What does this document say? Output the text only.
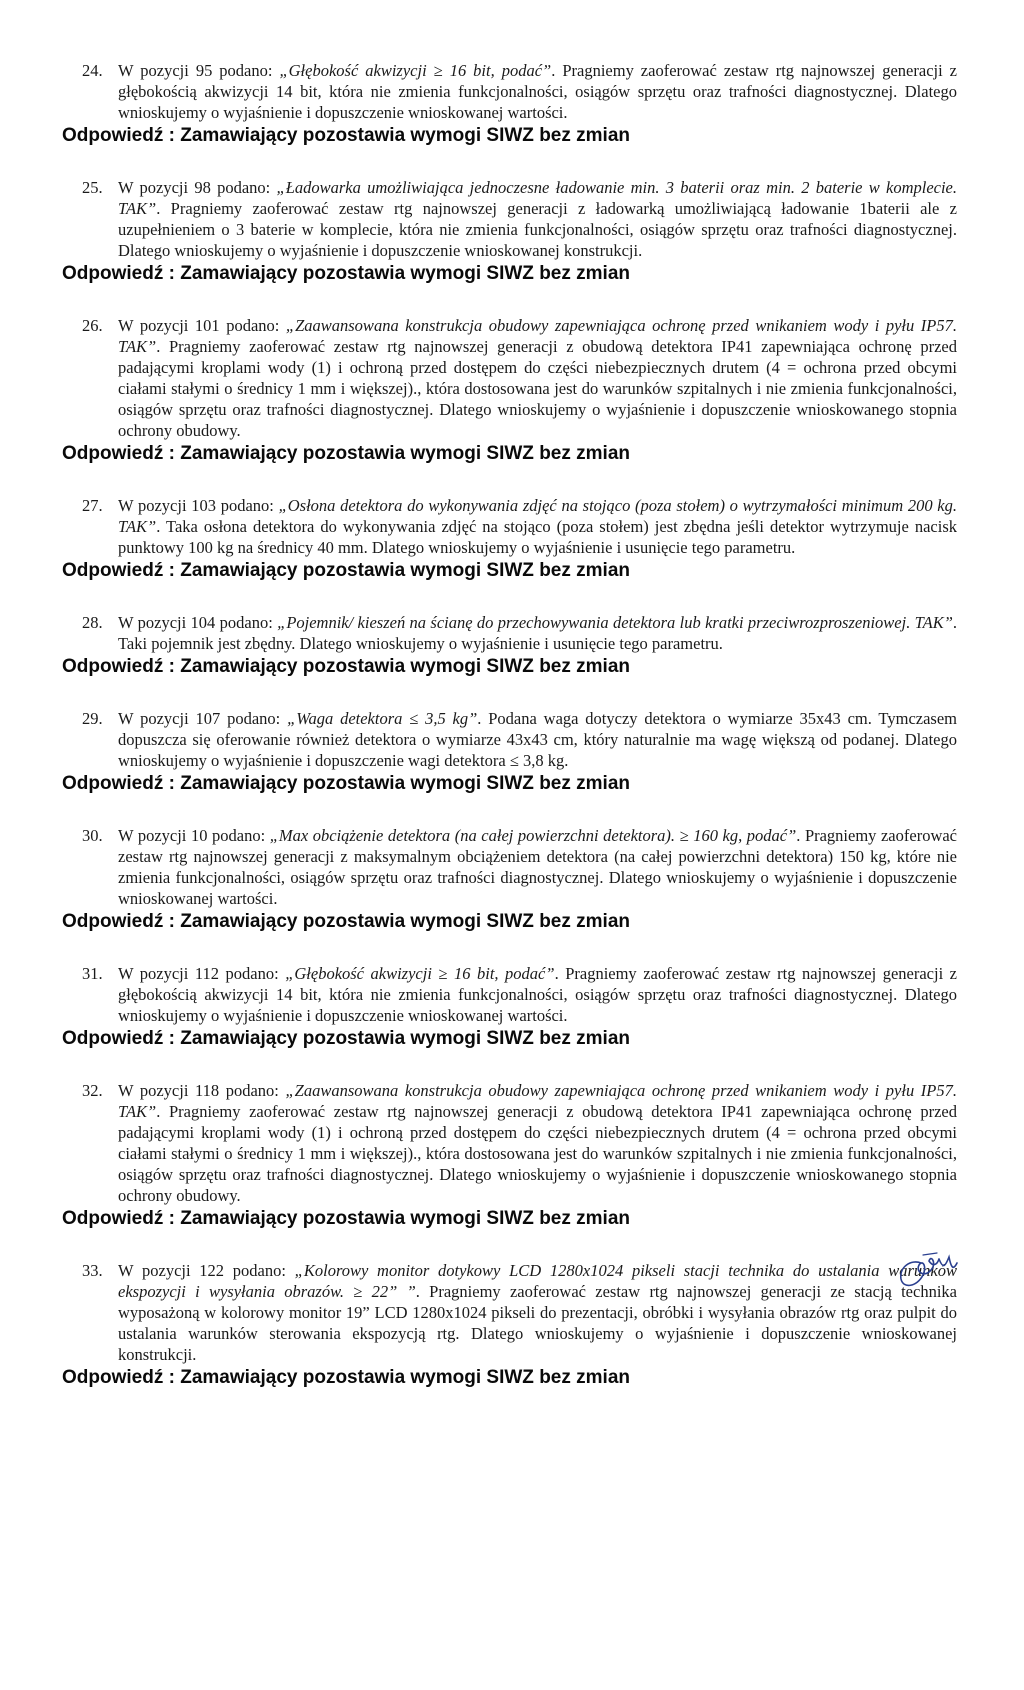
24. W pozycji 95 podano: „Głębokość akwizycji ≥ 16 bit, podać”. Pragniemy zaoferować zestaw rtg najnowszej generacji z głębokością akwizycji 14 bit, która nie zmienia funkcjonalności, osiągów sprzętu oraz trafności diagnostycznej. Dlatego wnioskujemy o wyjaśnienie i dopuszczenie wnioskowanej wartości.
Odpowiedź : Zamawiający pozostawia wymogi SIWZ bez zmian
25. W pozycji 98 podano: „Ładowarka umożliwiająca jednoczesne ładowanie min. 3 baterii oraz min. 2 baterie w komplecie. TAK”. Pragniemy zaoferować zestaw rtg najnowszej generacji z ładowarką umożliwiającą ładowanie 1baterii ale z uzupełnieniem o 3 baterie w komplecie, która nie zmienia funkcjonalności, osiągów sprzętu oraz trafności diagnostycznej. Dlatego wnioskujemy o wyjaśnienie i dopuszczenie wnioskowanej konstrukcji.
Odpowiedź : Zamawiający pozostawia wymogi SIWZ bez zmian
26. W pozycji 101 podano: „Zaawansowana konstrukcja obudowy zapewniająca ochronę przed wnikaniem wody i pyłu IP57. TAK”. Pragniemy zaoferować zestaw rtg najnowszej generacji z obudową detektora IP41 zapewniająca ochronę przed padającymi kroplami wody (1) i ochroną przed dostępem do części niebezpiecznych drutem (4 = ochrona przed obcymi ciałami stałymi o średnicy 1 mm i większej)., która dostosowana jest do warunków szpitalnych i nie zmienia funkcjonalności, osiągów sprzętu oraz trafności diagnostycznej. Dlatego wnioskujemy o wyjaśnienie i dopuszczenie wnioskowanego stopnia ochrony obudowy.
Odpowiedź : Zamawiający pozostawia wymogi SIWZ bez zmian
27. W pozycji 103 podano: „Osłona detektora do wykonywania zdjęć na stojąco (poza stołem) o wytrzymałości minimum 200 kg. TAK”. Taka osłona detektora do wykonywania zdjęć na stojąco (poza stołem) jest zbędna jeśli detektor wytrzymuje nacisk punktowy 100 kg na średnicy 40 mm. Dlatego wnioskujemy o wyjaśnienie i usunięcie tego parametru.
Odpowiedź : Zamawiający pozostawia wymogi SIWZ bez zmian
28. W pozycji 104 podano: „Pojemnik/ kieszeń na ścianę do przechowywania detektora lub kratki przeciwrozproszeniowej. TAK”. Taki pojemnik jest zbędny. Dlatego wnioskujemy o wyjaśnienie i usunięcie tego parametru.
Odpowiedź : Zamawiający pozostawia wymogi SIWZ bez zmian
29. W pozycji 107 podano: „Waga detektora ≤ 3,5 kg”. Podana waga dotyczy detektora o wymiarze 35x43 cm. Tymczasem dopuszcza się oferowanie również detektora o wymiarze 43x43 cm, który naturalnie ma wagę większą od podanej. Dlatego wnioskujemy o wyjaśnienie i dopuszczenie wagi detektora ≤ 3,8 kg.
Odpowiedź : Zamawiający pozostawia wymogi SIWZ bez zmian
30. W pozycji 10 podano: „Max obciążenie detektora (na całej powierzchni detektora). ≥ 160 kg, podać”. Pragniemy zaoferować zestaw rtg najnowszej generacji z maksymalnym obciążeniem detektora (na całej powierzchni detektora) 150 kg, które nie zmienia funkcjonalności, osiągów sprzętu oraz trafności diagnostycznej. Dlatego wnioskujemy o wyjaśnienie i dopuszczenie wnioskowanej wartości.
Odpowiedź : Zamawiający pozostawia wymogi SIWZ bez zmian
31. W pozycji 112 podano: „Głębokość akwizycji ≥ 16 bit, podać”. Pragniemy zaoferować zestaw rtg najnowszej generacji z głębokością akwizycji 14 bit, która nie zmienia funkcjonalności, osiągów sprzętu oraz trafności diagnostycznej. Dlatego wnioskujemy o wyjaśnienie i dopuszczenie wnioskowanej wartości.
Odpowiedź : Zamawiający pozostawia wymogi SIWZ bez zmian
32. W pozycji 118 podano: „Zaawansowana konstrukcja obudowy zapewniająca ochronę przed wnikaniem wody i pyłu IP57. TAK”. Pragniemy zaoferować zestaw rtg najnowszej generacji z obudową detektora IP41 zapewniająca ochronę przed padającymi kroplami wody (1) i ochroną przed dostępem do części niebezpiecznych drutem (4 = ochrona przed obcymi ciałami stałymi o średnicy 1 mm i większej)., która dostosowana jest do warunków szpitalnych i nie zmienia funkcjonalności, osiągów sprzętu oraz trafności diagnostycznej. Dlatego wnioskujemy o wyjaśnienie i dopuszczenie wnioskowanego stopnia ochrony obudowy.
Odpowiedź : Zamawiający pozostawia wymogi SIWZ bez zmian
33. W pozycji 122 podano: „Kolorowy monitor dotykowy LCD 1280x1024 pikseli stacji technika do ustalania warunków ekspozycji i wysyłania obrazów. ≥ 22” ”. Pragniemy zaoferować zestaw rtg najnowszej generacji ze stacją technika wyposażoną w kolorowy monitor 19” LCD 1280x1024 pikseli do prezentacji, obróbki i wysyłania obrazów rtg oraz pulpit do ustalania warunków sterowania ekspozycją rtg. Dlatego wnioskujemy o wyjaśnienie i dopuszczenie wnioskowanej konstrukcji.
Odpowiedź : Zamawiający pozostawia wymogi SIWZ bez zmian
